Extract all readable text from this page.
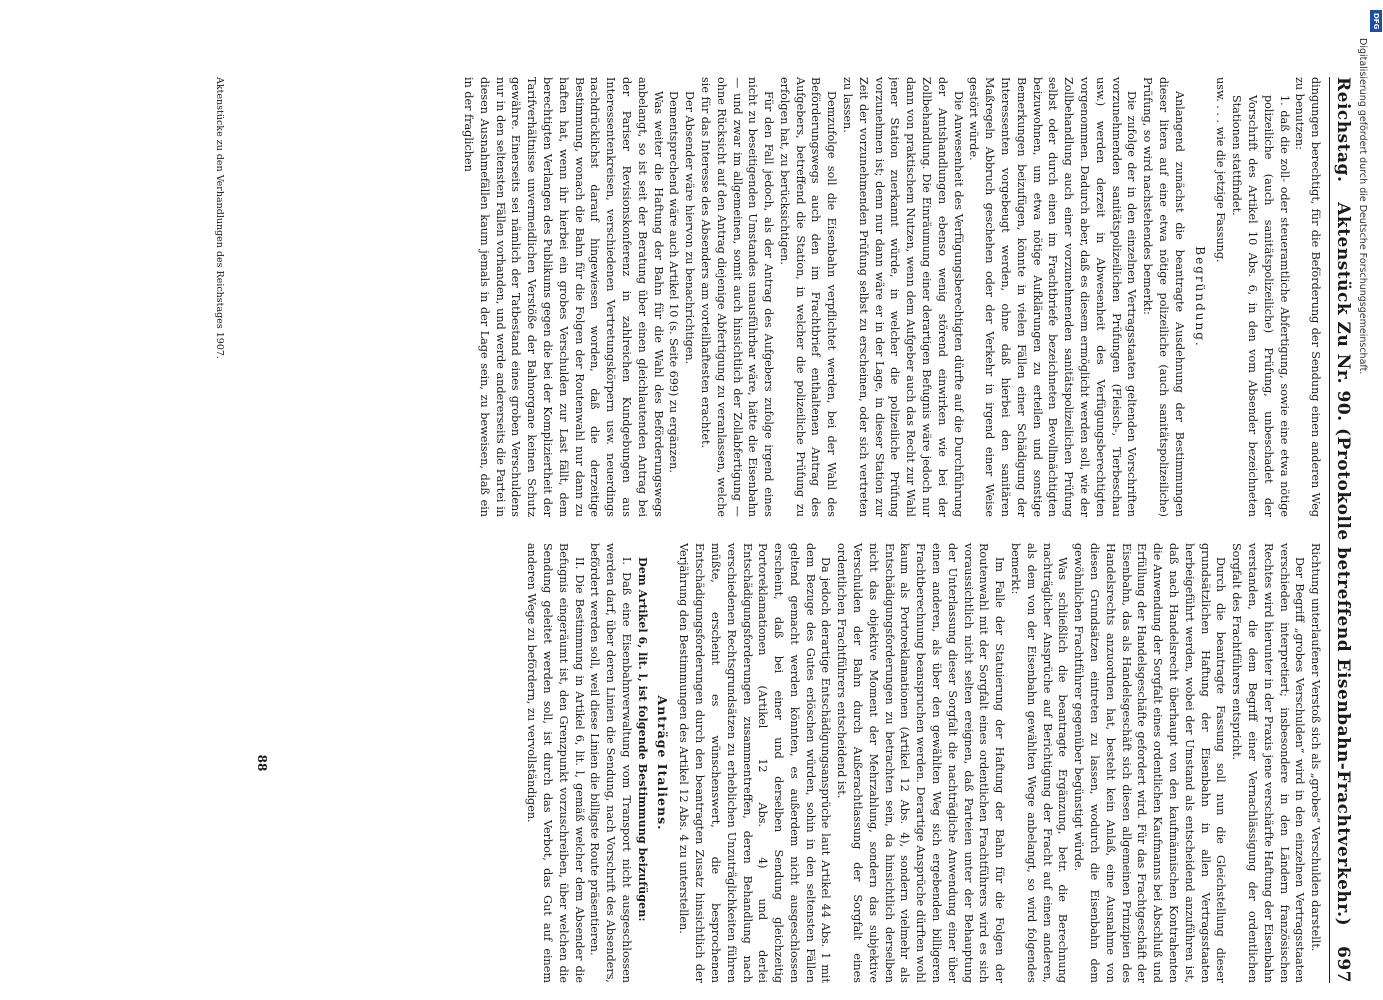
Reichstag.
Aktenstück Zu Nr. 90. (Protokolle betreffend Eisenbahn-Frachtverkehr.)
697

dingungen berechtigt, für die Beförderung der Sendung einen anderen Weg zu benutzen:

1. daß die zoll- oder steueramtliche Abfertigung, sowie eine etwa nötige polizeiliche (auch sanitätspolizeiliche) Prüfung, unbeschadet der Vorschrift des Artikel 10 Abs. 6, in den vom Absender bezeichneten Stationen stattfindet.

usw. . . . wie die jetzige Fassung.

Begründung.

Anlangend zunächst die beantragte Ausdehnung der Bestimmungen dieser litera auf eine etwa nötige polizeiliche (auch sanitätspolizeiliche) Prüfung, so wird nachstehendes bemerkt:

Die zufolge der in den einzelnen Vertragsstaaten geltenden Vorschriften vorzunehmenden sanitätspolizeilichen Prüfungen (Fleisch-, Tierbeschau usw.) werden derzeit in Abwesenheit des Verfügungsberechtigten vorgenommen. Dadurch aber, daß es diesem ermöglicht werden soll, wie der Zollbehandlung auch einer vorzunehmenden sanitätspolizeilichen Prüfung selbst oder durch einen im Frachtbriefe bezeichneten Bevollmächtigten beizuwohnen, um etwa nötige Aufklärungen zu erteilen und sonstige Bemerkungen beizufügen, könnte in vielen Fällen einer Schädigung der Interessenten vorgebeugt werden, ohne daß hierbei den sanitären Maßregeln Abbruch geschehen oder der Verkehr in irgend einer Weise gestört würde.

Die Anwesenheit des Verfügungsberechtigten dürfte auf die Durchführung der Amtshandlungen ebenso wenig störend einwirken wie bei der Zollbehandlung. Die Einräumung einer derartigen Befugnis wäre jedoch nur dann von praktischem Nutzen, wenn dem Aufgeber auch das Recht zur Wahl jener Station zuerkannt würde, in welcher die polizeiliche Prüfung vorzunehmen ist; denn nur dann wäre er in der Lage, in dieser Station zur Zeit der vorzunehmenden Prüfung selbst zu erscheinen, oder sich vertreten zu lassen.

Demzufolge soll die Eisenbahn verpflichtet werden, bei der Wahl des Beförderungswegs auch den im Frachtbrief enthaltenen Antrag des Aufgebers, betreffend die Station, in welcher die polizeiliche Prüfung zu erfolgen hat, zu berücksichtigen.

Für den Fall jedoch, als der Antrag des Aufgebers zufolge irgend eines nicht zu beseitigenden Umstandes unausführbar wäre, hätte die Eisenbahn — und zwar im allgemeinen, somit auch hinsichtlich der Zollabfertigung — ohne Rücksicht auf den Antrag diejenige Abfertigung zu veranlassen, welche sie für das Interesse des Absenders am vorteilhaftesten erachtet.

Der Absender wäre hiervon zu benachrichtigen.

Dementsprechend wäre auch Artikel 10 (s. Seite 699) zu ergänzen.

Was weiter die Haftung der Bahn für die Wahl des Beförderungswegs anbelangt, so ist seit der Beratung über einen gleichlautenden Antrag bei der Pariser Revisionskonferenz in zahlreichen Kundgebungen aus Interessentenkreisen, verschiedenen Vertretungskörpern usw. neuerdings nachdrücklichst darauf hingewiesen worden, daß die derzeitige Bestimmung, wonach die Bahn für die Folgen der Routenwahl nur dann zu haften hat, wenn ihr hierbei ein grobes Verschulden zur Last fällt, dem berechtigten Verlangen des Publikums gegen die bei der Kompliziertheit der Tarifverhältnisse unvermeidlichen Verstöße der Bahnorgane keinen Schutz gewähre. Einerseits sei nämlich der Tatbestand eines groben Verschuldens nur in den seltensten Fällen vorhanden, und werde andererseits die Partei in diesen Ausnahmefällen kaum jemals in der Lage sein, zu beweisen, daß ein in der fraglichen

Aktenstücke zu den Verhandlungen des Reichstages 1907.

Richtung unterlaufener Verstoß sich als „grobes“ Verschulden darstellt.

Der Begriff „grobes Verschulden“ wird in den einzelnen Vertragsstaaten verschieden interpretiert; insbesondere in den Ländern französischen Rechtes wird hierunter in der Praxis jene verschärfte Haftung der Eisenbahn verstanden, die dem Begriff einer Vernachlässigung der ordentlichen Sorgfalt des Frachtführers entspricht.

Durch die beantragte Fassung soll nun die Gleichstellung dieser grundsätzlichen Haftung der Eisenbahn in allen Vertragsstaaten herbeigeführt werden, wobei der Umstand als entscheidend anzuführen ist, daß nach Handelsrecht überhaupt von den kaufmännischen Kontrahenten die Anwendung der Sorgfalt eines ordentlichen Kaufmanns bei Abschluß und Erfüllung der Handelsgeschäfte gefordert wird. Für das Frachtgeschäft der Eisenbahn, das als Handelsgeschäft sich diesen allgemeinen Prinzipien des Handelsrechts anzuordnen hat, besteht kein Anlaß, eine Ausnahme von diesen Grundsätzen eintreten zu lassen, wodurch die Eisenbahn dem gewöhnlichen Frachtführer gegenüber begünstigt würde.

Was schließlich die beantragte Ergänzung, betr. die Berechnung nachträglicher Ansprüche auf Berichtigung der Fracht auf einen anderen, als dem von der Eisenbahn gewählten Wege anbelangt, so wird folgendes bemerkt:

Im Falle der Statuierung der Haftung der Bahn für die Folgen der Routenwahl mit der Sorgfalt eines ordentlichen Frachtführers wird es sich voraussichtlich nicht selten ereignen, daß Parteien unter der Behauptung der Unterlassung dieser Sorgfalt die nachträgliche Anwendung einer über einen anderen, als über den gewählten Weg sich ergebenden billigeren Frachtberechnung beanspruchen werden. Derartige Ansprüche dürften wohl kaum als Portoreklamationen (Artikel 12 Abs. 4), sondern vielmehr als Entschädigungsforderungen zu betrachten sein, da hinsichtlich derselben nicht das objektive Moment der Mehrzahlung, sondern das subjektive Verschulden der Bahn durch Außerachtlassung der Sorgfalt eines ordentlichen Frachtführers entscheidend ist.

Da jedoch derartige Entschädigungsansprüche laut Artikel 44 Abs. 1 mit dem Bezuge des Gutes erlöschen würden, sohin in den seltensten Fällen geltend gemacht werden könnten, es außerdem nicht ausgeschlossen erscheint, daß bei einer und derselben Sendung gleichzeitig Portoreklamationen (Artikel 12 Abs. 4) und derlei Entschädigungsforderungen zusammentreffen, deren Behandlung nach verschiedenen Rechtsgrundsätzen zu erheblichen Unzuträglichkeiten führen müßte, erscheint es wünschenswert, die besprochenen Entschädigungsforderungen durch den beantragten Zusatz hinsichtlich der Verjährung den Bestimmungen des Artikel 12 Abs. 4 zu unterstellen.

Anträge Italiens.

Dem Artikel 6, lit. l, ist folgende Bestimmung beizufügen:

I. Daß eine Eisenbahnverwaltung vom Transport nicht ausgeschlossen werden darf, über deren Linien die Sendung, nach Vorschrift des Absenders, befördert werden soll, weil diese Linien die billigste Route präsentieren.

II. Die Bestimmung in Artikel 6, lit. l, gemäß welcher dem Absender die Befugnis eingeräumt ist, den Grenzpunkt vorzuschreiben, über welchen die Sendung geleitet werden soll, ist durch das Verbot, das Gut auf einem anderen Wege zu befördern, zu vervollständigen.

88
Digitalisierung gefördert durch die Deutsche Forschungsgemeinschaft.
DFG
